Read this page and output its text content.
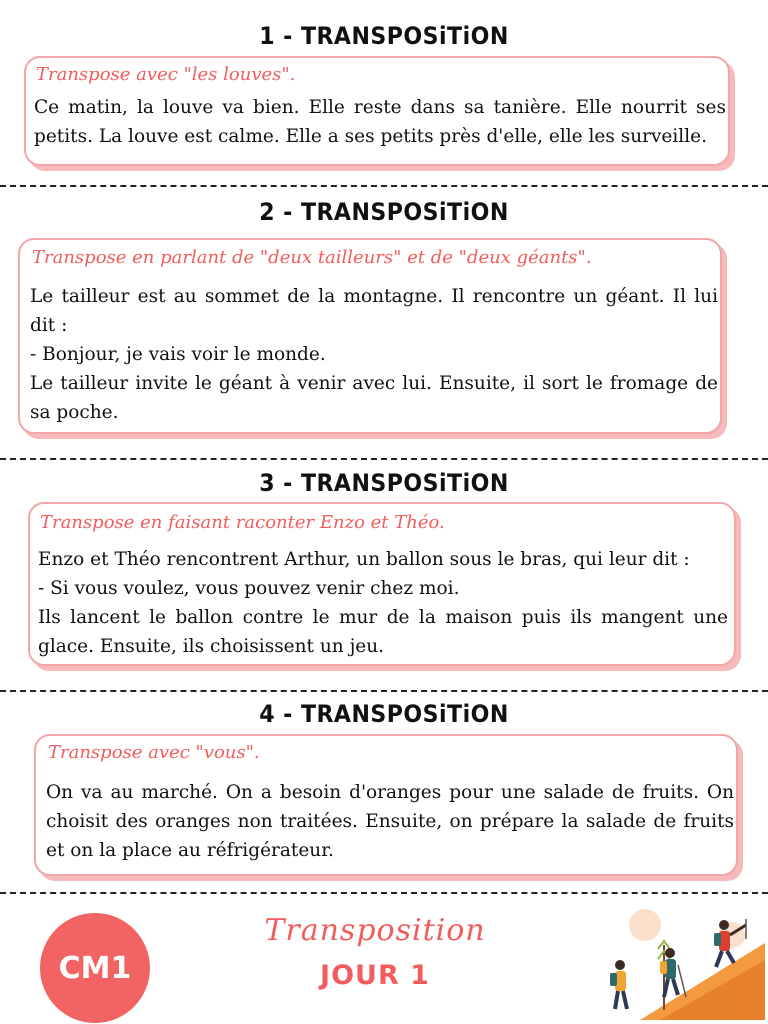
1 - TRANSPOSiTiON
Transpose avec "les louves".
Ce matin, la louve va bien. Elle reste dans sa tanière. Elle nourrit ses
petits. La louve est calme. Elle a ses petits près d'elle, elle les surveille.
2 - TRANSPOSiTiON
Transpose en parlant de "deux tailleurs" et de "deux géants".
Le tailleur est au sommet de la montagne. Il rencontre un géant. Il lui
dit :
- Bonjour, je vais voir le monde.
Le tailleur invite le géant à venir avec lui. Ensuite, il sort le fromage de
sa poche.
3 - TRANSPOSiTiON
Transpose en faisant raconter Enzo et Théo.
Enzo et Théo rencontrent Arthur, un ballon sous le bras, qui leur dit :
- Si vous voulez, vous pouvez venir chez moi.
Ils lancent le ballon contre le mur de la maison puis ils mangent une
glace. Ensuite, ils choisissent un jeu.
4 - TRANSPOSiTiON
Transpose avec "vous".
On va au marché. On a besoin d'oranges pour une salade de fruits. On
choisit des oranges non traitées. Ensuite, on prépare la salade de fruits
et on la place au réfrigérateur.
CM1
Transposition
JOUR 1
